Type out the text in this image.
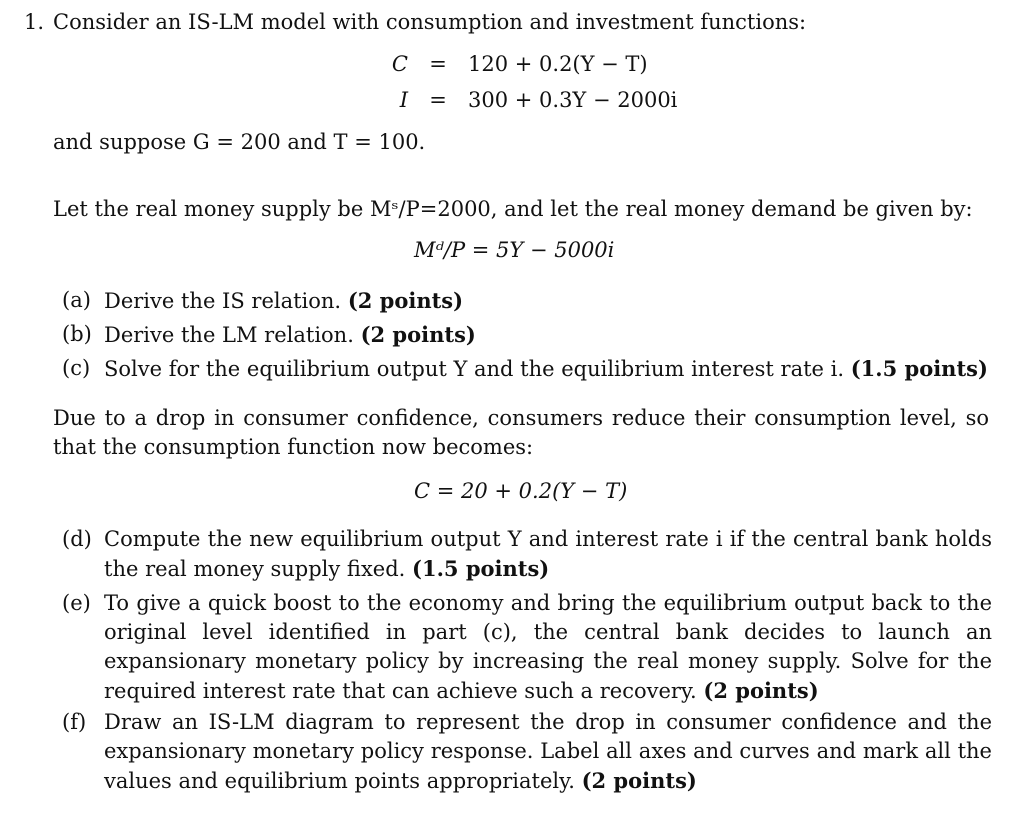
1. Consider an IS-LM model with consumption and investment functions:
C	=	120 + 0.2(Y − T)
I	=	300 + 0.3Y − 2000i
and suppose G = 200 and T = 100.
Let the real money supply be Mˢ/P=2000, and let the real money demand be given by:
Mᵈ/P = 5Y − 5000i
(a) Derive the IS relation. (2 points)
(b) Derive the LM relation. (2 points)
(c) Solve for the equilibrium output Y and the equilibrium interest rate i. (1.5 points)
Due to a drop in consumer confidence, consumers reduce their consumption level, so that the consumption function now becomes:
C = 20 + 0.2(Y − T)
(d) Compute the new equilibrium output Y and interest rate i if the central bank holds the real money supply fixed. (1.5 points)
(e) To give a quick boost to the economy and bring the equilibrium output back to the original level identified in part (c), the central bank decides to launch an expansionary monetary policy by increasing the real money supply. Solve for the required interest rate that can achieve such a recovery. (2 points)
(f) Draw an IS-LM diagram to represent the drop in consumer confidence and the expansionary monetary policy response. Label all axes and curves and mark all the values and equilibrium points appropriately. (2 points)
